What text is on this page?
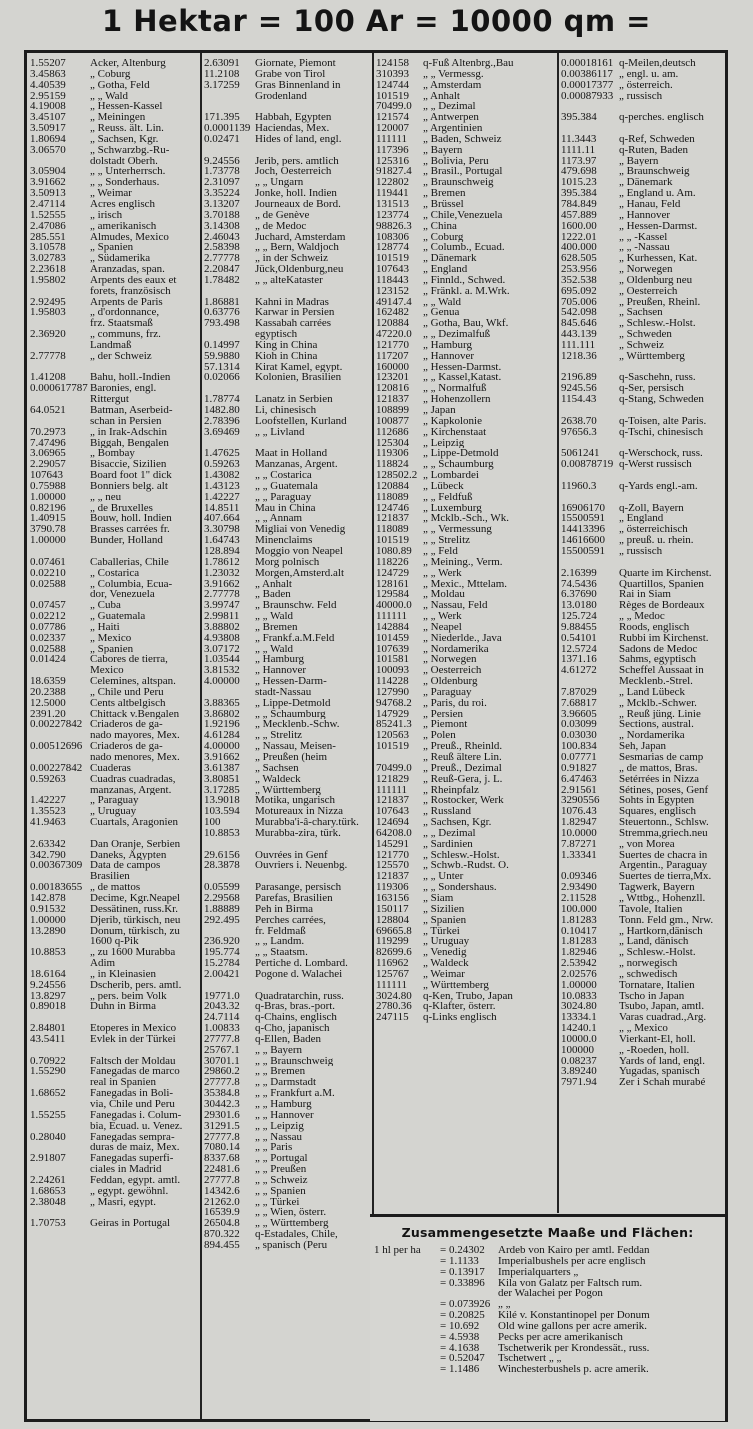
1 Hektar = 100 Ar = 10000 qm =
1.55207 Acker, Altenburg
3.45863 „ Coburg
4.40539 „ Gotha, Feld
2.95159 „ „ Wald
4.19008 „ Hessen-Kassel
3.45107 „ Meiningen
3.50917 „ Reuss. ält. Lin.
1.80694 „ Sachsen, Kgr.
3.06570 „ Schwarzbg.-Ru-
dolstadt Oberh.
3.05904 „ „ Unterherrsch.
3.91662 „ „ Sonderhaus.
3.50913 „ Weimar
2.47114 Acres englisch
1.52555 „ irisch
2.47086 „ amerikanisch
285.551 Almudes, Mexico
3.10578 „ Spanien
3.02783 „ Südamerika
2.23618 Aranzadas, span.
1.95802 Arpents des eaux et
forets, französisch
2.92495 Arpents de Paris
1.95803 „ d'ordonnance,
frz. Staatsmaß
2.36920 „ communs, frz.
Landmaß
2.77778 „ der Schweiz
1.41208 Bahu, holl.-Indien
0.000617787 Baronies, engl.
Rittergut
64.0521 Batman, Aserbeid-
schan in Persien
70.2973 „ in Irak-Adschin
7.47496 Biggah, Bengalen
3.06965 „ Bombay
2.29057 Bisaccie, Sizilien
107643 Board foot 1" dick
0.75988 Bonniers belg. alt
1.00000 „ „ neu
0.82196 „ de Bruxelles
1.40915 Bouw, holl. Indien
3790.78 Brasses carrées fr.
1.00000 Bunder, Holland
0.07461 Caballerias, Chile
0.02210 „ Costarica
0.02588 „ Columbia, Ecua-
dor, Venezuela
0.07457 „ Cuba
0.02212 „ Guatemala
0.07786 „ Haiti
0.02337 „ Mexico
0.02588 „ Spanien
0.01424 Cabores de tierra,
Mexico
18.6359 Celemines, altspan.
20.2388 „ Chile und Peru
12.5000 Cents altbelgisch
2391.20 Chittack v.Bengalen
0.00227842 Criaderos de ga-
nado mayores, Mex.
0.00512696 Criaderos de ga-
nado menores, Mex.
0.00227842 Cuaderas
0.59263 Cuadras cuadradas,
manzanas, Argent.
1.42227 „ Paraguay
1.35523 „ Uruguay
41.9463 Cuartals, Aragonien
2.63342 Dan Oranje, Serbien
342.790 Daneks, Ägypten
0.00367309 Data de campos
Brasilien
0.00183655 „ de mattos
142.878 Decime, Kgr.Neapel
0.91532 Dessätinen, russ.Kr.
1.00000 Djerib, türkisch, neu
13.2890 Donum, türkisch, zu
1600 q-Pik
10.8853 „ zu 1600 Murabba
Adim
18.6164 „ in Kleinasien
9.24556 Dscherib, pers. amtl.
13.8297 „ pers. beim Volk
0.89018 Duhn in Birma
2.84801 Etoperes in Mexico
43.5411 Evlek in der Türkei
0.70922 Faltsch der Moldau
1.55290 Fanegadas de marco
real in Spanien
1.68652 Fanegadas in Boli-
via, Chile und Peru
1.55255 Fanegadas i. Colum-
bia, Ecuad. u. Venez.
0.28040 Fanegadas sempra-
duras de maiz, Mex.
2.91807 Fanegadas superfi-
ciales in Madrid
2.24261 Feddan, egypt. amtl.
1.68653 „ egypt. gewöhnl.
2.38048 „ Masri, egypt.
1.70753 Geiras in Portugal
2.63091 Giornate, Piemont
11.2108 Grabe von Tirol
3.17259 Gras Binnenland in
Grodenland
171.395 Habbah, Egypten
0.0001139 Haciendas, Mex.
0.02471 Hides of land, engl.
9.24556 Jerib, pers. amtlich
1.73778 Joch, Oesterreich
2.31097 „ „ Ungarn
3.35224 Jonke, holl. Indien
3.13207 Journeaux de Bord.
3.70188 „ de Genève
3.14308 „ de Medoc
2.46043 Juchard, Amsterdam
2.58398 „ „ Bern, Waldjoch
2.77778 „ in der Schweiz
2.20847 Jück,Oldenburg,neu
1.78482 „ „ alteKataster
1.86881 Kahni in Madras
0.63776 Karwar in Persien
793.498 Kassabah carrées
egyptisch
0.14997 King in China
59.9880 Kioh in China
57.1314 Kirat Kamel, egypt.
0.02066 Kolonien, Brasilien
1.78774 Lanatz in Serbien
1482.80 Li, chinesisch
2.78396 Loofstellen, Kurland
3.69469 „ „ Livland
1.47625 Maat in Holland
0.59263 Manzanas, Argent.
1.43082 „ „ Costarica
1.43123 „ „ Guatemala
1.42227 „ „ Paraguay
14.8511 Mau in China
407.664 „ „ Annam
3.30798 Migliai von Venedig
1.64743 Minenclaims
128.894 Moggio von Neapel
1.78612 Morg polnisch
1.23032 Morgen,Amsterd.alt
3.91662 „ Anhalt
2.77778 „ Baden
3.99747 „ Braunschw. Feld
2.99811 „ „ Wald
3.88802 „ Bremen
4.93808 „ Frankf.a.M.Feld
3.07172 „ „ Wald
1.03544 „ Hamburg
3.81532 „ Hannover
4.00000 „ Hessen-Darm-
stadt-Nassau
3.88365 „ Lippe-Detmold
3.86802 „ „ Schaumburg
1.92196 „ Mecklenb.-Schw.
4.61284 „ „ Strelitz
4.00000 „ Nassau, Meisen-
3.91662 „ Preußen (heim
3.61387 „ Sachsen
3.80851 „ Waldeck
3.17285 „ Württemberg
13.9018 Motika, ungarisch
103.594 Motureaux in Nizza
100	Murabba'i-â-chary.türk.
10.8853 Murabba-zira, türk.
29.6156 Ouvrées in Genf
28.3878 Ouvriers i. Neuenbg.
0.05599 Parasange, persisch
2.29568 Parefas, Brasilien
1.88889 Peh in Birma
292.495 Perches carrées,
fr. Feldmaß
236.920 „ „ Landm.
195.774 „ „ Staatsm.
15.2784 Pertiche d. Lombard.
2.00421 Pogone d. Walachei
19771.0 Quadratarchin, russ.
2043.32 q-Bras, bras.-port.
24.7114 q-Chains, englisch
1.00833 q-Cho, japanisch
27777.8 q-Ellen, Baden
25767.1 „ „ Bayern
30701.1 „ „ Braunschweig
29860.2 „ „ Bremen
27777.8 „ „ Darmstadt
35384.8 „ „ Frankfurt a.M.
30442.3 „ „ Hamburg
29301.6 „ „ Hannover
31291.5 „ „ Leipzig
27777.8 „ „ Nassau
7080.14 „ „ Paris
8337.68 „ „ Portugal
22481.6 „ „ Preußen
27777.8 „ „ Schweiz
14342.6 „ „ Spanien
21262.0 „ „ Türkei
16539.9 „ „ Wien, österr.
26504.8 „ „ Württemberg
870.322 q-Estadales, Chile,
894.455 „ spanisch (Peru
124158 q-Fuß Altenbrg.,Bau
310393 „ „ Vermessg.
124744 „ Amsterdam
101519 „ Anhalt
70499.0 „ „ Dezimal
121574 „ Antwerpen
120007 „ Argentinien
111111 „ Baden, Schweiz
117396 „ Bayern
125316 „ Bolivia, Peru
91827.4 „ Brasil., Portugal
122802 „ Braunschweig
119441 „ Bremen
131513 „ Brüssel
123774 „ Chile,Venezuela
98826.3 „ China
108306 „ Coburg
128774 „ Columb., Ecuad.
101519 „ Dänemark
107643 „ England
118443 „ Finnld., Schwed.
123152 „ Fränkl. a. M.Wrk.
49147.4 „ „ Wald
162482 „ Genua
120884 „ Gotha, Bau, Wkf.
47220.0 „ „ Dezimalfuß
121770 „ Hamburg
117207 „ Hannover
160000 „ Hessen-Darmst.
123201 „ „ Kassel,Katast.
120816 „ „ Normalfuß
121837 „ Hohenzollern
108899 „ Japan
100877 „ Kapkolonie
112686 „ Kirchenstaat
125304 „ Leipzig
119306 „ Lippe-Detmold
118824 „ „ Schaumburg
128502.2 „ Lombardei
120884 „ Lübeck
118089 „ „ Feldfuß
124746 „ Luxemburg
121837 „ Mcklb.-Sch., Wk.
118089 „ „ Vermessung
101519 „ „ Strelitz
1080.89 „ „ Feld
118226 „ Meining., Verm.
124729 „ „ Werk
128161 „ Mexic., Mttelam.
129584 „ Moldau
40000.0 „ Nassau, Feld
111111 „ „ Werk
142884 „ Neapel
101459 „ Niederlde., Java
107639 „ Nordamerika
101581 „ Norwegen
100093 „ Oesterreich
114228 „ Oldenburg
127990 „ Paraguay
94768.2 „ Paris, du roi.
147929 „ Persien
85241.3 „ Piemont
120563 „ Polen
101519 „ Preuß., Rheinld.
„ Reuß ältere Lin.
70499.0 „ Preuß., Dezimal
121829 „ Reuß-Gera, j. L.
111111 „ Rheinpfalz
121837 „ Rostocker, Werk
107643 „ Russland
124694 „ Sachsen, Kgr.
64208.0 „ „ Dezimal
145291 „ Sardinien
121770 „ Schlesw.-Holst.
125570 „ Schwb.-Rudst. O.
121837 „ „ Unter
119306 „ „ Sondershaus.
163156 „ Siam
150117 „ Sizilien
128804 „ Spanien
69665.8 „ Türkei
119299 „ Uruguay
82699.6 „ Venedig
116962 „ Waldeck
125767 „ Weimar
111111 „ Württemberg
3024.80 q-Ken, Trubo, Japan
2780.36 q-Klafter, österr.
247115 q-Links englisch
0.00018161 q-Meilen,deutsch
0.00386117 „ engl. u. am.
0.00017377 „ österreich.
0.00087933 „ russisch
395.384 q-perches. englisch
11.3443 q-Ref, Schweden
1111.11 q-Ruten, Baden
1173.97 „ Bayern
479.698 „ Braunschweig
1015.23 „ Dänemark
395.384 „ England u. Am.
784.849 „ Hanau, Feld
457.889 „ Hannover
1600.00 „ Hessen-Darmst.
1222.01 „ „ -Kassel
400.000 „ „ -Nassau
628.505 „ Kurhessen, Kat.
253.956 „ Norwegen
352.538 „ Oldenburg neu
695.092 „ Oesterreich
705.006 „ Preußen, Rheinl.
542.098 „ Sachsen
845.646 „ Schlesw.-Holst.
443.139 „ Schweden
111.111 „ Schweiz
1218.36 „ Württemberg
2196.89 q-Saschehn, russ.
9245.56 q-Ser, persisch
1154.43 q-Stang, Schweden
2638.70 q-Toisen, alte Paris.
97656.3 q-Tschi, chinesisch
5061241 q-Werschock, russ.
0.00878719 q-Werst russisch
11960.3 q-Yards engl.-am.
16906170 q-Zoll, Bayern
15500591 „ England
14413396 „ österreichisch
14616600 „ preuß. u. rhein.
15500591 „ russisch
2.16399 Quarte im Kirchenst.
74.5436 Quartillos, Spanien
6.37690 Rai in Siam
13.0180 Règes de Bordeaux
125.724 „ „ Medoc
9.88455 Roods, englisch
0.54101 Rubbi im Kirchenst.
12.5724 Sadons de Medoc
1371.16 Sahms, egyptisch
4.61272 Scheffel Aussaat in
Mecklenb.-Strel.
7.87029 „ Land Lübeck
7.68817 „ Mcklb.-Schwer.
3.96605 „ Reuß jüng. Linie
0.03099 Sections, austral.
0.03030 „ Nordamerika
100.834 Seh, Japan
0.07771 Sesmarias de camp
0.91827 „ de mattos, Bras.
6.47463 Setérrées in Nizza
2.91561 Sétines, poses, Genf
3290556 Sohts in Egypten
1076.43 Squares, englisch
1.82947 Steuertonn., Schlsw.
10.0000 Stremma,griech.neu
7.87271 „ von Morea
1.33341 Suertes de chacra in
Argentin., Paraguay
0.09346 Suertes de tierra,Mx.
2.93490 Tagwerk, Bayern
2.11528 „ Wttbg., Hohenzll.
100.000 Tavole, Italien
1.81283 Tonn. Feld gm., Nrw.
0.10417 „ Hartkorn,dänisch
1.81283 „ Land, dänisch
1.82946 „ Schlesw.-Holst.
2.53942 „ norwegisch
2.02576 „ schwedisch
1.00000 Tornatare, Italien
10.0833 Tscho in Japan
3024.80 Tsubo, Japan, amtl.
13334.1 Varas cuadrad.,Arg.
14240.1 „ „ Mexico
10000.0 Vierkant-El, holl.
100000 „ -Roeden, holl.
0.08237 Yards of land, engl.
3.89240 Yugadas, spanisch
7971.94 Zer i Schah murabé
Zusammengesetzte Maaße und Flächen:
1 hl per ha = 0.24302 Ardeb von Kairo per amtl. Feddan
= 1.1133 Imperialbushels per acre englisch
= 0.13917 Imperialquarters „
= 0.33896 Kila von Galatz per Faltsch rum.
der Walachei per Pogon
= 0.073926 „ „
= 0.20825 Kilé v. Konstantinopel per Donum
= 10.692 Old wine gallons per acre amerik.
= 4.5938 Pecks per acre amerikanisch
= 4.1638 Tschetwerik per Krondessät., russ.
= 0.52047 Tschetwert „ „
= 1.1486 Winchesterbushels p. acre amerik.
